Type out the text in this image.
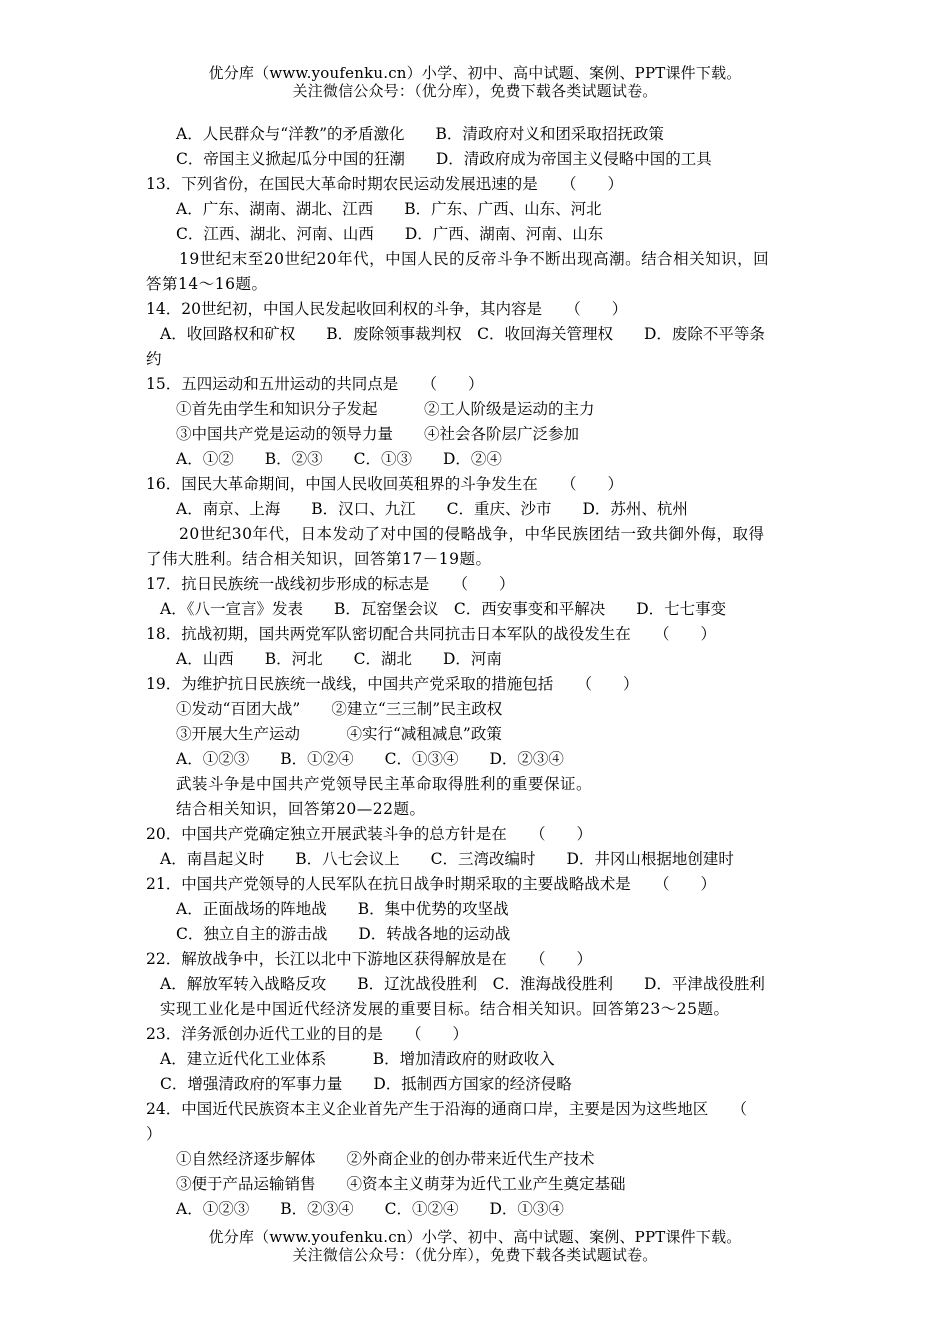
优分库（www.youfenku.cn）小学、初中、高中试题、案例、PPT课件下载。
关注微信公众号：（优分库），免费下载各类试题试卷。
A．人民群众与“洋教”的矛盾激化　　B．清政府对义和团采取招抚政策
C．帝国主义掀起瓜分中国的狂潮　　D．清政府成为帝国主义侵略中国的工具
13．下列省份，在国民大革命时期农民运动发展迅速的是　　（　　）
A．广东、湖南、湖北、江西　　B．广东、广西、山东、河北
C．江西、湖北、河南、山西　　D．广西、湖南、河南、山东
19世纪末至20世纪20年代，中国人民的反帝斗争不断出现高潮。结合相关知识，回
答第14～16题。
14．20世纪初，中国人民发起收回利权的斗争，其内容是　　（　　）
A．收回路权和矿权　　B．废除领事裁判权　C．收回海关管理权　　D．废除不平等条
约
15．五四运动和五卅运动的共同点是　　（　　）
①首先由学生和知识分子发起　　　②工人阶级是运动的主力
③中国共产党是运动的领导力量　　④社会各阶层广泛参加
A．①②　　B．②③　　C．①③　　D．②④
16．国民大革命期间，中国人民收回英租界的斗争发生在　　（　　）
A．南京、上海　　B．汉口、九江　　C．重庆、沙市　　D．苏州、杭州
20世纪30年代，日本发动了对中国的侵略战争，中华民族团结一致共御外侮，取得
了伟大胜利。结合相关知识，回答第17－19题。
17．抗日民族统一战线初步形成的标志是　　（　　）
A．《八一宣言》发表　　B．瓦窑堡会议　C．西安事变和平解决　　D．七七事变
18．抗战初期，国共两党军队密切配合共同抗击日本军队的战役发生在　　（　　）
A．山西　　B．河北　　C．湖北　　D．河南
19．为维护抗日民族统一战线，中国共产党采取的措施包括　　（　　）
①发动“百团大战”　　②建立“三三制”民主政权
③开展大生产运动　　　④实行“减租减息”政策
A．①②③　　B．①②④　　C．①③④　　D．②③④
武装斗争是中国共产党领导民主革命取得胜利的重要保证。
结合相关知识，回答第20—22题。
20．中国共产党确定独立开展武装斗争的总方针是在　　（　　）
A．南昌起义时　　B．八七会议上　　C．三湾改编时　　D．井冈山根据地创建时
21．中国共产党领导的人民军队在抗日战争时期采取的主要战略战术是　　（　　）
A．正面战场的阵地战　　B．集中优势的攻坚战
C．独立自主的游击战　　D．转战各地的运动战
22．解放战争中，长江以北中下游地区获得解放是在　　（　　）
A．解放军转入战略反攻　　B．辽沈战役胜利　C．淮海战役胜利　　D．平津战役胜利
实现工业化是中国近代经济发展的重要目标。结合相关知识。回答第23～25题。
23．洋务派创办近代工业的目的是　　（　　）
A．建立近代化工业体系　　　B．增加清政府的财政收入
C．增强清政府的军事力量　　D．抵制西方国家的经济侵略
24．中国近代民族资本主义企业首先产生于沿海的通商口岸，主要是因为这些地区　　（
）
①自然经济逐步解体　　②外商企业的创办带来近代生产技术
③便于产品运输销售　　④资本主义萌芽为近代工业产生奠定基础
A．①②③　　B．②③④　　C．①②④　　D．①③④
优分库（www.youfenku.cn）小学、初中、高中试题、案例、PPT课件下载。
关注微信公众号：（优分库），免费下载各类试题试卷。
